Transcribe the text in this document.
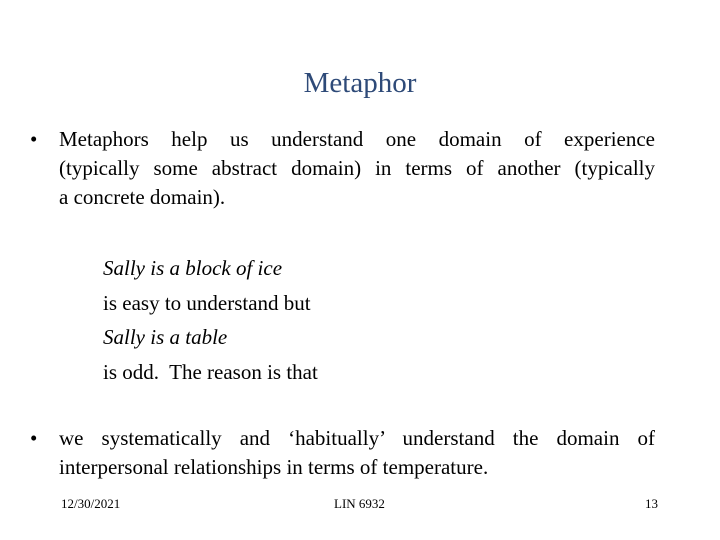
Metaphor
•	Metaphors help us understand one domain of experience
(typically some abstract domain) in terms of another (typically
a concrete domain).
Sally is a block of ice
is easy to understand but
Sally is a table
is odd.  The reason is that
•	we systematically and ‘habitually’ understand the domain of
interpersonal relationships in terms of temperature.
12/30/2021	LIN 6932	13
